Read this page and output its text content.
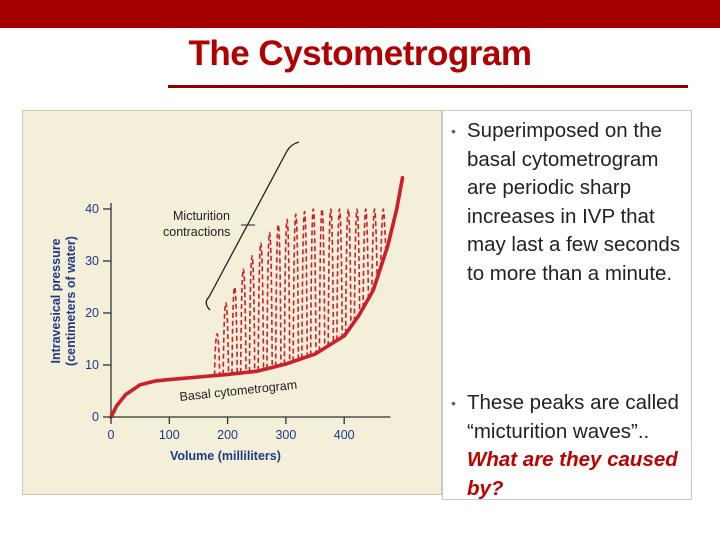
The Cystometrogram
0
10
20
30
40
0	100	200	300	400
Intravesical pressure (centimeters of water)
Volume (milliliters)
Micturition
contractions
Basal cytometrogram
• Superimposed on the basal cytometrogram are periodic sharp increases in IVP that may last a few seconds to more than a minute.
• These peaks are called “micturition waves”.. What are they caused by?
